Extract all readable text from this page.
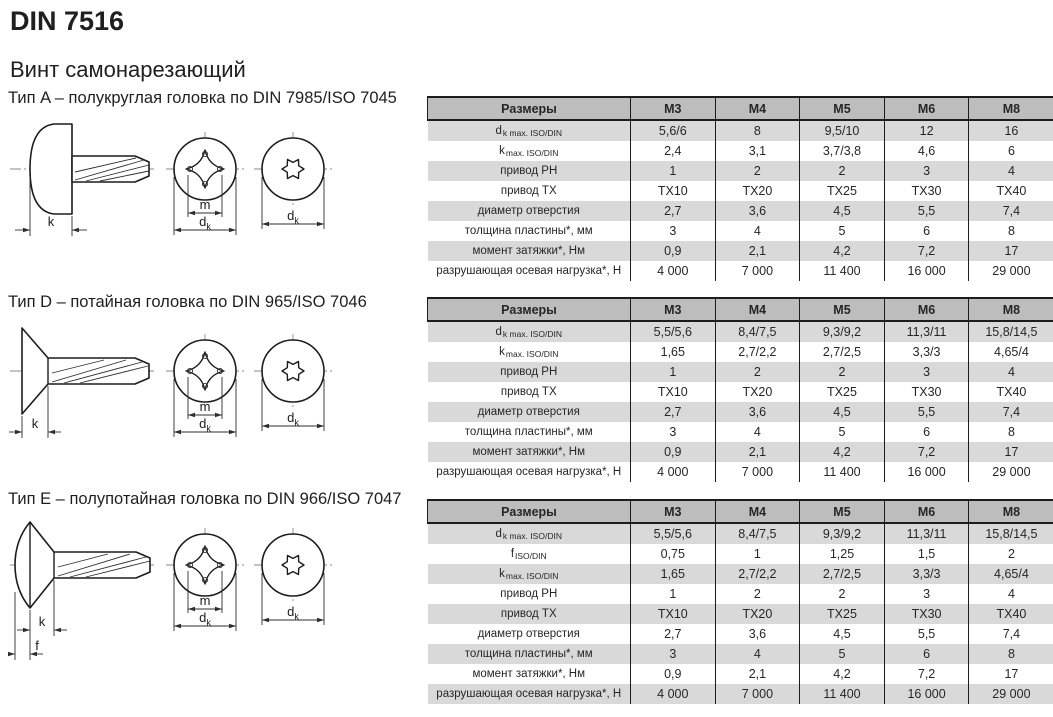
DIN 7516
Винт самонарезающий
Тип A – полукруглая головка по DIN 7985/ISO 7045
k
m
$d_k$
$d_k$
Размеры	M3	M4	M5	M6	M8
dk max. ISO/DIN	5,6/6	8	9,5/10	12	16
kmax. ISO/DIN	2,4	3,1	3,7/3,8	4,6	6
привод PH	1	2	2	3	4
привод TX	TX10	TX20	TX25	TX30	TX40
диаметр отверстия	2,7	3,6	4,5	5,5	7,4
толщина пластины*, мм	3	4	5	6	8
момент затяжки*, Нм	0,9	2,1	4,2	7,2	17
разрушающая осевая нагрузка*, Н	4 000	7 000	11 400	16 000	29 000
Тип D – потайная головка по DIN 965/ISO 7046
k
m
$d_k$
$d_k$
Размеры	M3	M4	M5	M6	M8
dk max. ISO/DIN	5,5/5,6	8,4/7,5	9,3/9,2	11,3/11	15,8/14,5
kmax. ISO/DIN	1,65	2,7/2,2	2,7/2,5	3,3/3	4,65/4
привод PH	1	2	2	3	4
привод TX	TX10	TX20	TX25	TX30	TX40
диаметр отверстия	2,7	3,6	4,5	5,5	7,4
толщина пластины*, мм	3	4	5	6	8
момент затяжки*, Нм	0,9	2,1	4,2	7,2	17
разрушающая осевая нагрузка*, Н	4 000	7 000	11 400	16 000	29 000
Тип E – полупотайная головка по DIN 966/ISO 7047
k
f
m
$d_k$
$d_k$
Размеры	M3	M4	M5	M6	M8
dk max. ISO/DIN	5,5/5,6	8,4/7,5	9,3/9,2	11,3/11	15,8/14,5
fISO/DIN	0,75	1	1,25	1,5	2
kmax. ISO/DIN	1,65	2,7/2,2	2,7/2,5	3,3/3	4,65/4
привод PH	1	2	2	3	4
привод TX	TX10	TX20	TX25	TX30	TX40
диаметр отверстия	2,7	3,6	4,5	5,5	7,4
толщина пластины*, мм	3	4	5	6	8
момент затяжки*, Нм	0,9	2,1	4,2	7,2	17
разрушающая осевая нагрузка*, Н	4 000	7 000	11 400	16 000	29 000
